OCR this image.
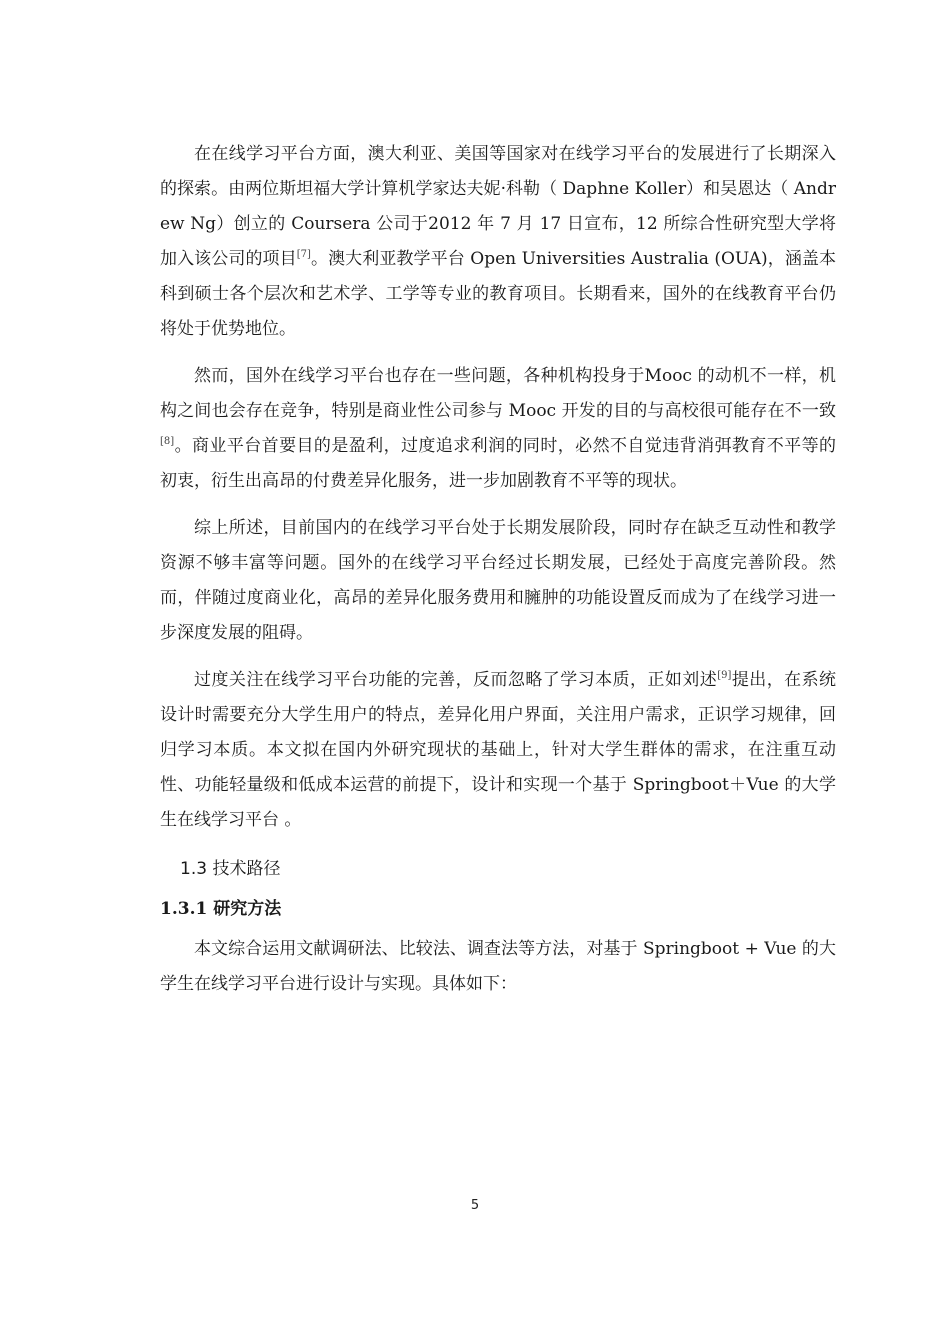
在在线学习平台方面，澳大利亚、美国等国家对在线学习平台的发展进行了长期深入的探索。由两位斯坦福大学计算机学家达夫妮·科勒（ Daphne Koller）和吴恩达（ Andrew Ng）创立的 Coursera 公司于2012 年 7 月 17 日宣布，12 所综合性研究型大学将加入该公司的项目[7]。澳大利亚教学平台 Open Universities Australia (OUA)，涵盖本科到硕士各个层次和艺术学、工学等专业的教育项目。长期看来，国外的在线教育平台仍将处于优势地位。

然而，国外在线学习平台也存在一些问题，各种机构投身于Mooc 的动机不一样，机构之间也会存在竞争，特别是商业性公司参与 Mooc 开发的目的与高校很可能存在不一致[8]。商业平台首要目的是盈利，过度追求利润的同时，必然不自觉违背消弭教育不平等的初衷，衍生出高昂的付费差异化服务，进一步加剧教育不平等的现状。

综上所述，目前国内的在线学习平台处于长期发展阶段，同时存在缺乏互动性和教学资源不够丰富等问题。国外的在线学习平台经过长期发展，已经处于高度完善阶段。然而，伴随过度商业化，高昂的差异化服务费用和臃肿的功能设置反而成为了在线学习进一步深度发展的阻碍。

过度关注在线学习平台功能的完善，反而忽略了学习本质，正如刘述[9]提出，在系统设计时需要充分大学生用户的特点，差异化用户界面，关注用户需求，正识学习规律，回归学习本质。本文拟在国内外研究现状的基础上，针对大学生群体的需求，在注重互动性、功能轻量级和低成本运营的前提下，设计和实现一个基于 Springboot＋Vue 的大学生在线学习平台 。

1.3 技术路径
1.3.1 研究方法

本文综合运用文献调研法、比较法、调查法等方法，对基于 Springboot + Vue 的大学生在线学习平台进行设计与实现。具体如下：

5
